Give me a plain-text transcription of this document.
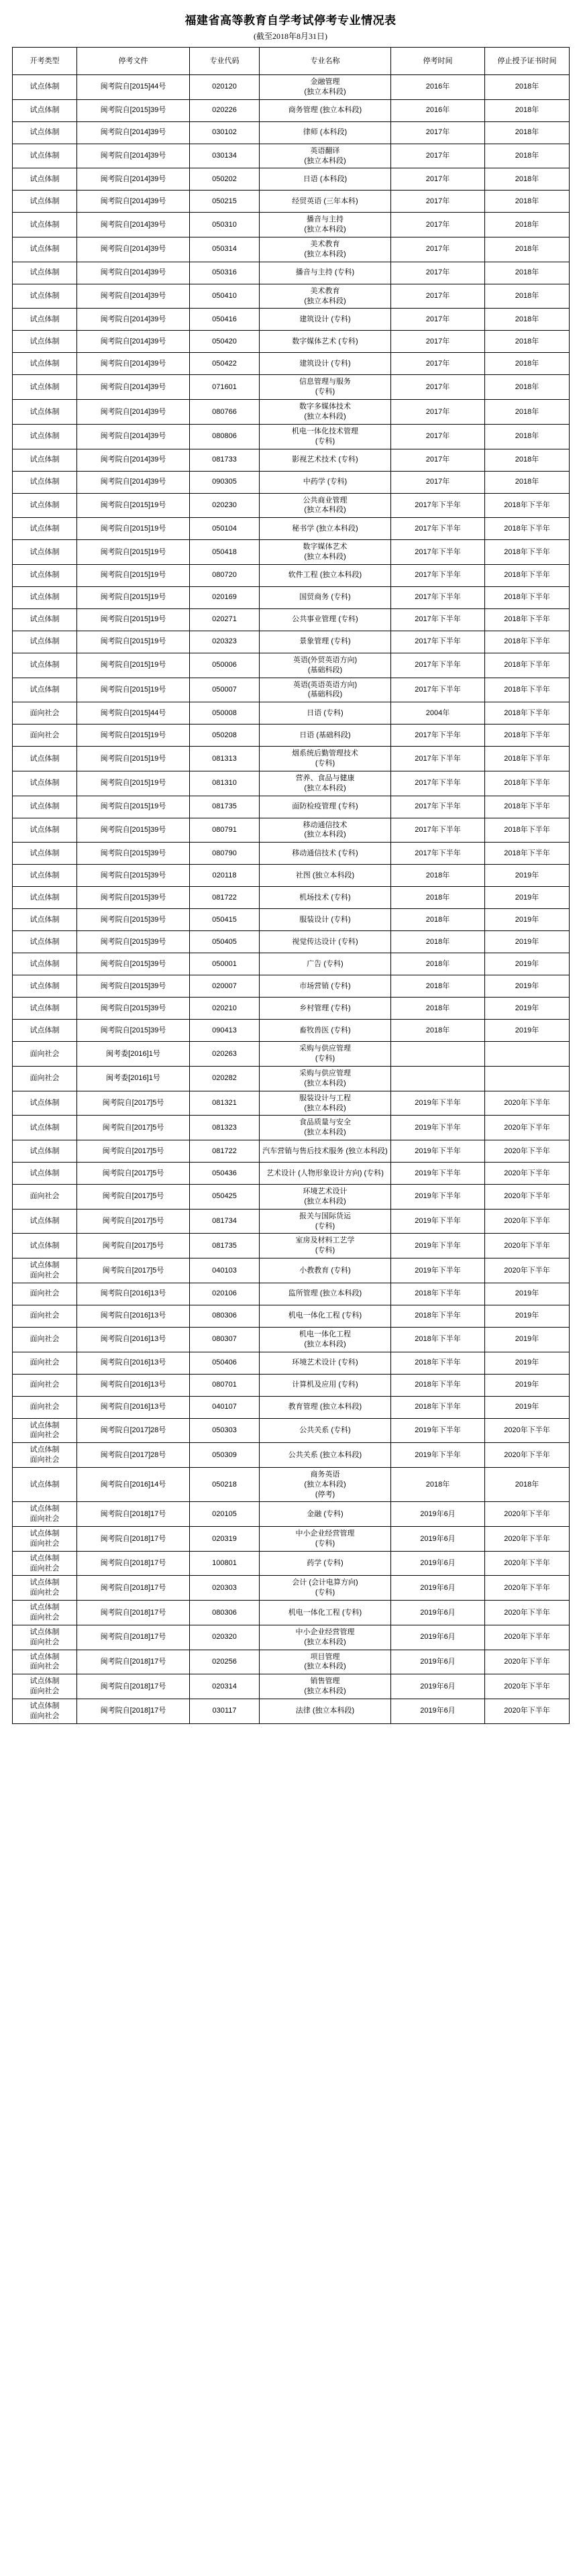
福建省高等教育自学考试停考专业情况表
(截至2018年8月31日)
开考类型	停考文件	专业代码	专业名称	停考时间	停止授予证书时间

试点体制	闽考院自[2015]44号	020120	金融管理
(独立本科段)	2016年	2018年

试点体制	闽考院自[2015]39号	020226	商务管理 (独立本科段)	2016年	2018年

试点体制	闽考院自[2014]39号	030102	律师 (本科段)	2017年	2018年

试点体制	闽考院自[2014]39号	030134	英语翻译
(独立本科段)	2017年	2018年

试点体制	闽考院自[2014]39号	050202	日语 (本科段)	2017年	2018年

试点体制	闽考院自[2014]39号	050215	经贸英语 (三年本科)	2017年	2018年

试点体制	闽考院自[2014]39号	050310	播音与主持
(独立本科段)	2017年	2018年

试点体制	闽考院自[2014]39号	050314	美术教育
(独立本科段)	2017年	2018年

试点体制	闽考院自[2014]39号	050316	播音与主持 (专科)	2017年	2018年

试点体制	闽考院自[2014]39号	050410	美术教育
(独立本科段)	2017年	2018年

试点体制	闽考院自[2014]39号	050416	建筑设计 (专科)	2017年	2018年

试点体制	闽考院自[2014]39号	050420	数字媒体艺术 (专科)	2017年	2018年

试点体制	闽考院自[2014]39号	050422	建筑设计 (专科)	2017年	2018年

试点体制	闽考院自[2014]39号	071601	信息管理与服务
(专科)	2017年	2018年

试点体制	闽考院自[2014]39号	080766	数字多媒体技术
(独立本科段)	2017年	2018年

试点体制	闽考院自[2014]39号	080806	机电一体化技术管理
(专科)	2017年	2018年

试点体制	闽考院自[2014]39号	081733	影视艺术技术 (专科)	2017年	2018年

试点体制	闽考院自[2014]39号	090305	中药学 (专科)	2017年	2018年

试点体制	闽考院自[2015]19号	020230	公共商业管理
(独立本科段)	2017年下半年	2018年下半年

试点体制	闽考院自[2015]19号	050104	秘书学 (独立本科段)	2017年下半年	2018年下半年

试点体制	闽考院自[2015]19号	050418	数字媒体艺术
(独立本科段)	2017年下半年	2018年下半年

试点体制	闽考院自[2015]19号	080720	软件工程 (独立本科段)	2017年下半年	2018年下半年

试点体制	闽考院自[2015]19号	020169	国贸商务 (专科)	2017年下半年	2018年下半年

试点体制	闽考院自[2015]19号	020271	公共事业管理 (专科)	2017年下半年	2018年下半年

试点体制	闽考院自[2015]19号	020323	景象管理 (专科)	2017年下半年	2018年下半年

试点体制	闽考院自[2015]19号	050006	英语(外贸英语方向)
(基础科段)	2017年下半年	2018年下半年

试点体制	闽考院自[2015]19号	050007	英语(英语英语方向)
(基础科段)	2017年下半年	2018年下半年

面向社会	闽考院自[2015]44号	050008	日语 (专科)	2004年	2018年下半年

面向社会	闽考院自[2015]19号	050208	日语 (基础科段)	2017年下半年	2018年下半年

试点体制	闽考院自[2015]19号	081313	烟系统后勤管理技术
(专科)	2017年下半年	2018年下半年

试点体制	闽考院自[2015]19号	081310	营养、食品与健康
(独立本科段)	2017年下半年	2018年下半年

试点体制	闽考院自[2015]19号	081735	面防检疫管理 (专科)	2017年下半年	2018年下半年

试点体制	闽考院自[2015]39号	080791	移动通信技术
(独立本科段)	2017年下半年	2018年下半年

试点体制	闽考院自[2015]39号	080790	移动通信技术 (专科)	2017年下半年	2018年下半年

试点体制	闽考院自[2015]39号	020118	社图 (独立本科段)	2018年	2019年

试点体制	闽考院自[2015]39号	081722	机场技术 (专科)	2018年	2019年

试点体制	闽考院自[2015]39号	050415	服装设计 (专科)	2018年	2019年

试点体制	闽考院自[2015]39号	050405	视觉传达设计 (专科)	2018年	2019年

试点体制	闽考院自[2015]39号	050001	广告 (专科)	2018年	2019年

试点体制	闽考院自[2015]39号	020007	市场营销 (专科)	2018年	2019年

试点体制	闽考院自[2015]39号	020210	乡村管理 (专科)	2018年	2019年

试点体制	闽考院自[2015]39号	090413	畜牧兽医 (专科)	2018年	2019年

面向社会	闽考委[2016]1号	020263	采购与供应管理
(专科)		

面向社会	闽考委[2016]1号	020282	采购与供应管理
(独立本科段)		

试点体制	闽考院自[2017]5号	081321	服装设计与工程
(独立本科段)	2019年下半年	2020年下半年

试点体制	闽考院自[2017]5号	081323	食品质量与安全
(独立本科段)	2019年下半年	2020年下半年

试点体制	闽考院自[2017]5号	081722	汽车营销与售后技术服务 (独立本科段)	2019年下半年	2020年下半年

试点体制	闽考院自[2017]5号	050436	艺术设计 (人物形象设计方向) (专科)	2019年下半年	2020年下半年

面向社会	闽考院自[2017]5号	050425	环境艺术设计
(独立本科段)	2019年下半年	2020年下半年

试点体制	闽考院自[2017]5号	081734	报关与国际货运
(专科)	2019年下半年	2020年下半年

试点体制	闽考院自[2017]5号	081735	室房及材料工艺学
(专科)	2019年下半年	2020年下半年

试点体制
面向社会	闽考院自[2017]5号	040103	小教教育 (专科)	2019年下半年	2020年下半年

面向社会	闽考院自[2016]13号	020106	监所管理 (独立本科段)	2018年下半年	2019年

面向社会	闽考院自[2016]13号	080306	机电一体化工程 (专科)	2018年下半年	2019年

面向社会	闽考院自[2016]13号	080307	机电一体化工程
(独立本科段)	2018年下半年	2019年

面向社会	闽考院自[2016]13号	050406	环境艺术设计 (专科)	2018年下半年	2019年

面向社会	闽考院自[2016]13号	080701	计算机及应用 (专科)	2018年下半年	2019年

面向社会	闽考院自[2016]13号	040107	教育管理 (独立本科段)	2018年下半年	2019年

试点体制
面向社会	闽考院自[2017]28号	050303	公共关系 (专科)	2019年下半年	2020年下半年

试点体制
面向社会	闽考院自[2017]28号	050309	公共关系 (独立本科段)	2019年下半年	2020年下半年

试点体制	闽考院自[2016]14号	050218	商务英语
(独立本科段)
(停考)	2018年	2018年

试点体制
面向社会	闽考院自[2018]17号	020105	金融 (专科)	2019年6月	2020年下半年

试点体制
面向社会	闽考院自[2018]17号	020319	中小企业经营管理
(专科)	2019年6月	2020年下半年

试点体制
面向社会	闽考院自[2018]17号	100801	药学 (专科)	2019年6月	2020年下半年

试点体制
面向社会	闽考院自[2018]17号	020303	会计 (会计电算方向)
(专科)	2019年6月	2020年下半年

试点体制
面向社会	闽考院自[2018]17号	080306	机电一体化工程 (专科)	2019年6月	2020年下半年

试点体制
面向社会	闽考院自[2018]17号	020320	中小企业经营管理
(独立本科段)	2019年6月	2020年下半年

试点体制
面向社会	闽考院自[2018]17号	020256	项目管理
(独立本科段)	2019年6月	2020年下半年

试点体制
面向社会	闽考院自[2018]17号	020314	销售管理
(独立本科段)	2019年6月	2020年下半年

试点体制
面向社会	闽考院自[2018]17号	030117	法律 (独立本科段)	2019年6月	2020年下半年
